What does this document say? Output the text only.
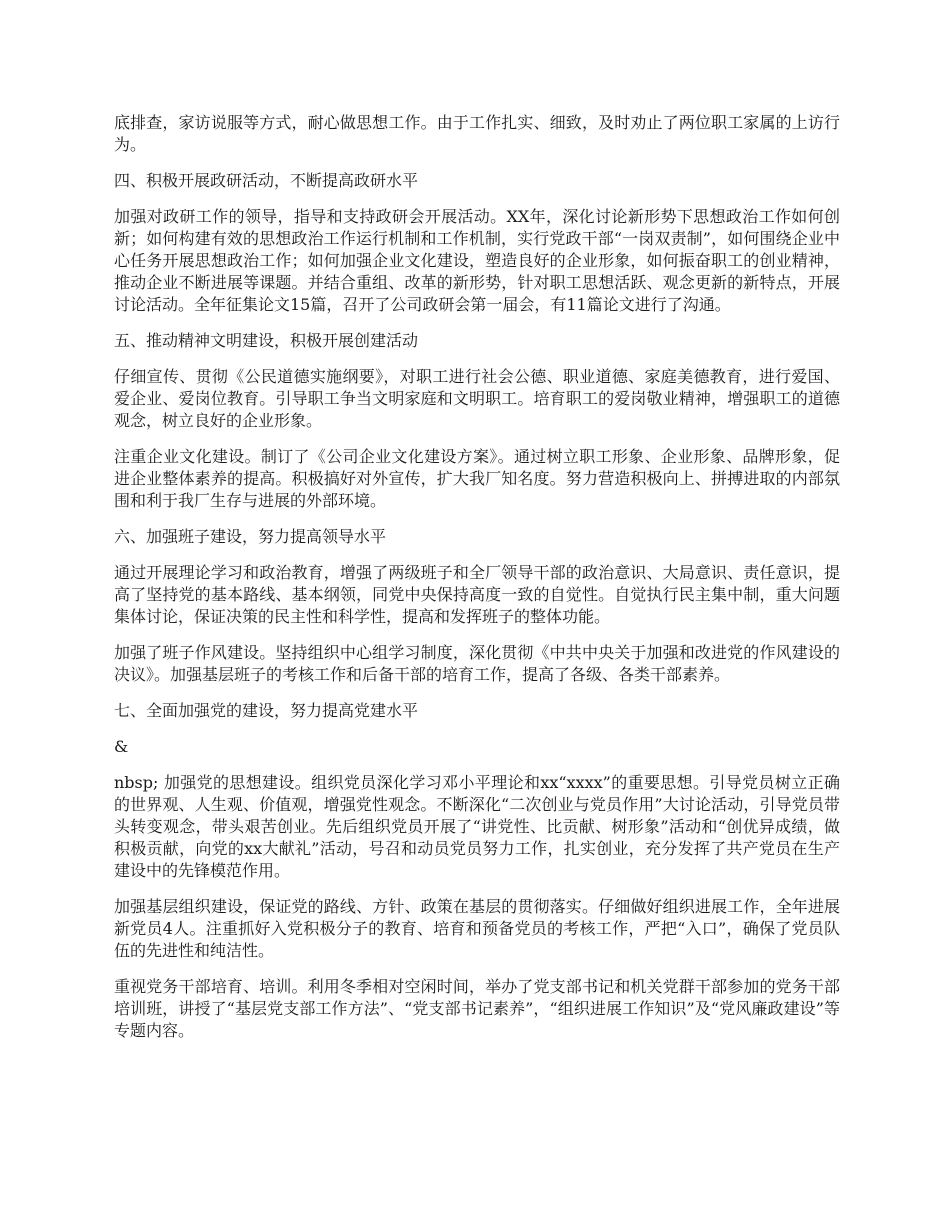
底排查，家访说服等方式，耐心做思想工作。由于工作扎实、细致，及时劝止了两位职工家属的上访行为。

四、积极开展政研活动，不断提高政研水平

加强对政研工作的领导，指导和支持政研会开展活动。XX年，深化讨论新形势下思想政治工作如何创新；如何构建有效的思想政治工作运行机制和工作机制，实行党政干部“一岗双责制”，如何围绕企业中心任务开展思想政治工作；如何加强企业文化建设，塑造良好的企业形象，如何振奋职工的创业精神，推动企业不断进展等课题。并结合重组、改革的新形势，针对职工思想活跃、观念更新的新特点，开展讨论活动。全年征集论文15篇，召开了公司政研会第一届会，有11篇论文进行了沟通。

五、推动精神文明建设，积极开展创建活动

仔细宣传、贯彻《公民道德实施纲要》，对职工进行社会公德、职业道德、家庭美德教育，进行爱国、爱企业、爱岗位教育。引导职工争当文明家庭和文明职工。培育职工的爱岗敬业精神，增强职工的道德观念，树立良好的企业形象。

注重企业文化建设。制订了《公司企业文化建设方案》。通过树立职工形象、企业形象、品牌形象，促进企业整体素养的提高。积极搞好对外宣传，扩大我厂知名度。努力营造积极向上、拼搏进取的内部氛围和利于我厂生存与进展的外部环境。

六、加强班子建设，努力提高领导水平

通过开展理论学习和政治教育，增强了两级班子和全厂领导干部的政治意识、大局意识、责任意识，提高了坚持党的基本路线、基本纲领，同党中央保持高度一致的自觉性。自觉执行民主集中制，重大问题集体讨论，保证决策的民主性和科学性，提高和发挥班子的整体功能。

加强了班子作风建设。坚持组织中心组学习制度，深化贯彻《中共中央关于加强和改进党的作风建设的决议》。加强基层班子的考核工作和后备干部的培育工作，提高了各级、各类干部素养。

七、全面加强党的建设，努力提高党建水平

&

nbsp; 加强党的思想建设。组织党员深化学习邓小平理论和xx“xxxx”的重要思想。引导党员树立正确的世界观、人生观、价值观，增强党性观念。不断深化“二次创业与党员作用”大讨论活动，引导党员带头转变观念，带头艰苦创业。先后组织党员开展了“讲党性、比贡献、树形象”活动和“创优异成绩，做积极贡献，向党的xx大献礼”活动，号召和动员党员努力工作，扎实创业，充分发挥了共产党员在生产建设中的先锋模范作用。

加强基层组织建设，保证党的路线、方针、政策在基层的贯彻落实。仔细做好组织进展工作，全年进展新党员4人。注重抓好入党积极分子的教育、培育和预备党员的考核工作，严把“入口”，确保了党员队伍的先进性和纯洁性。

重视党务干部培育、培训。利用冬季相对空闲时间，举办了党支部书记和机关党群干部参加的党务干部培训班，讲授了“基层党支部工作方法”、“党支部书记素养”，“组织进展工作知识”及“党风廉政建设”等专题内容。
